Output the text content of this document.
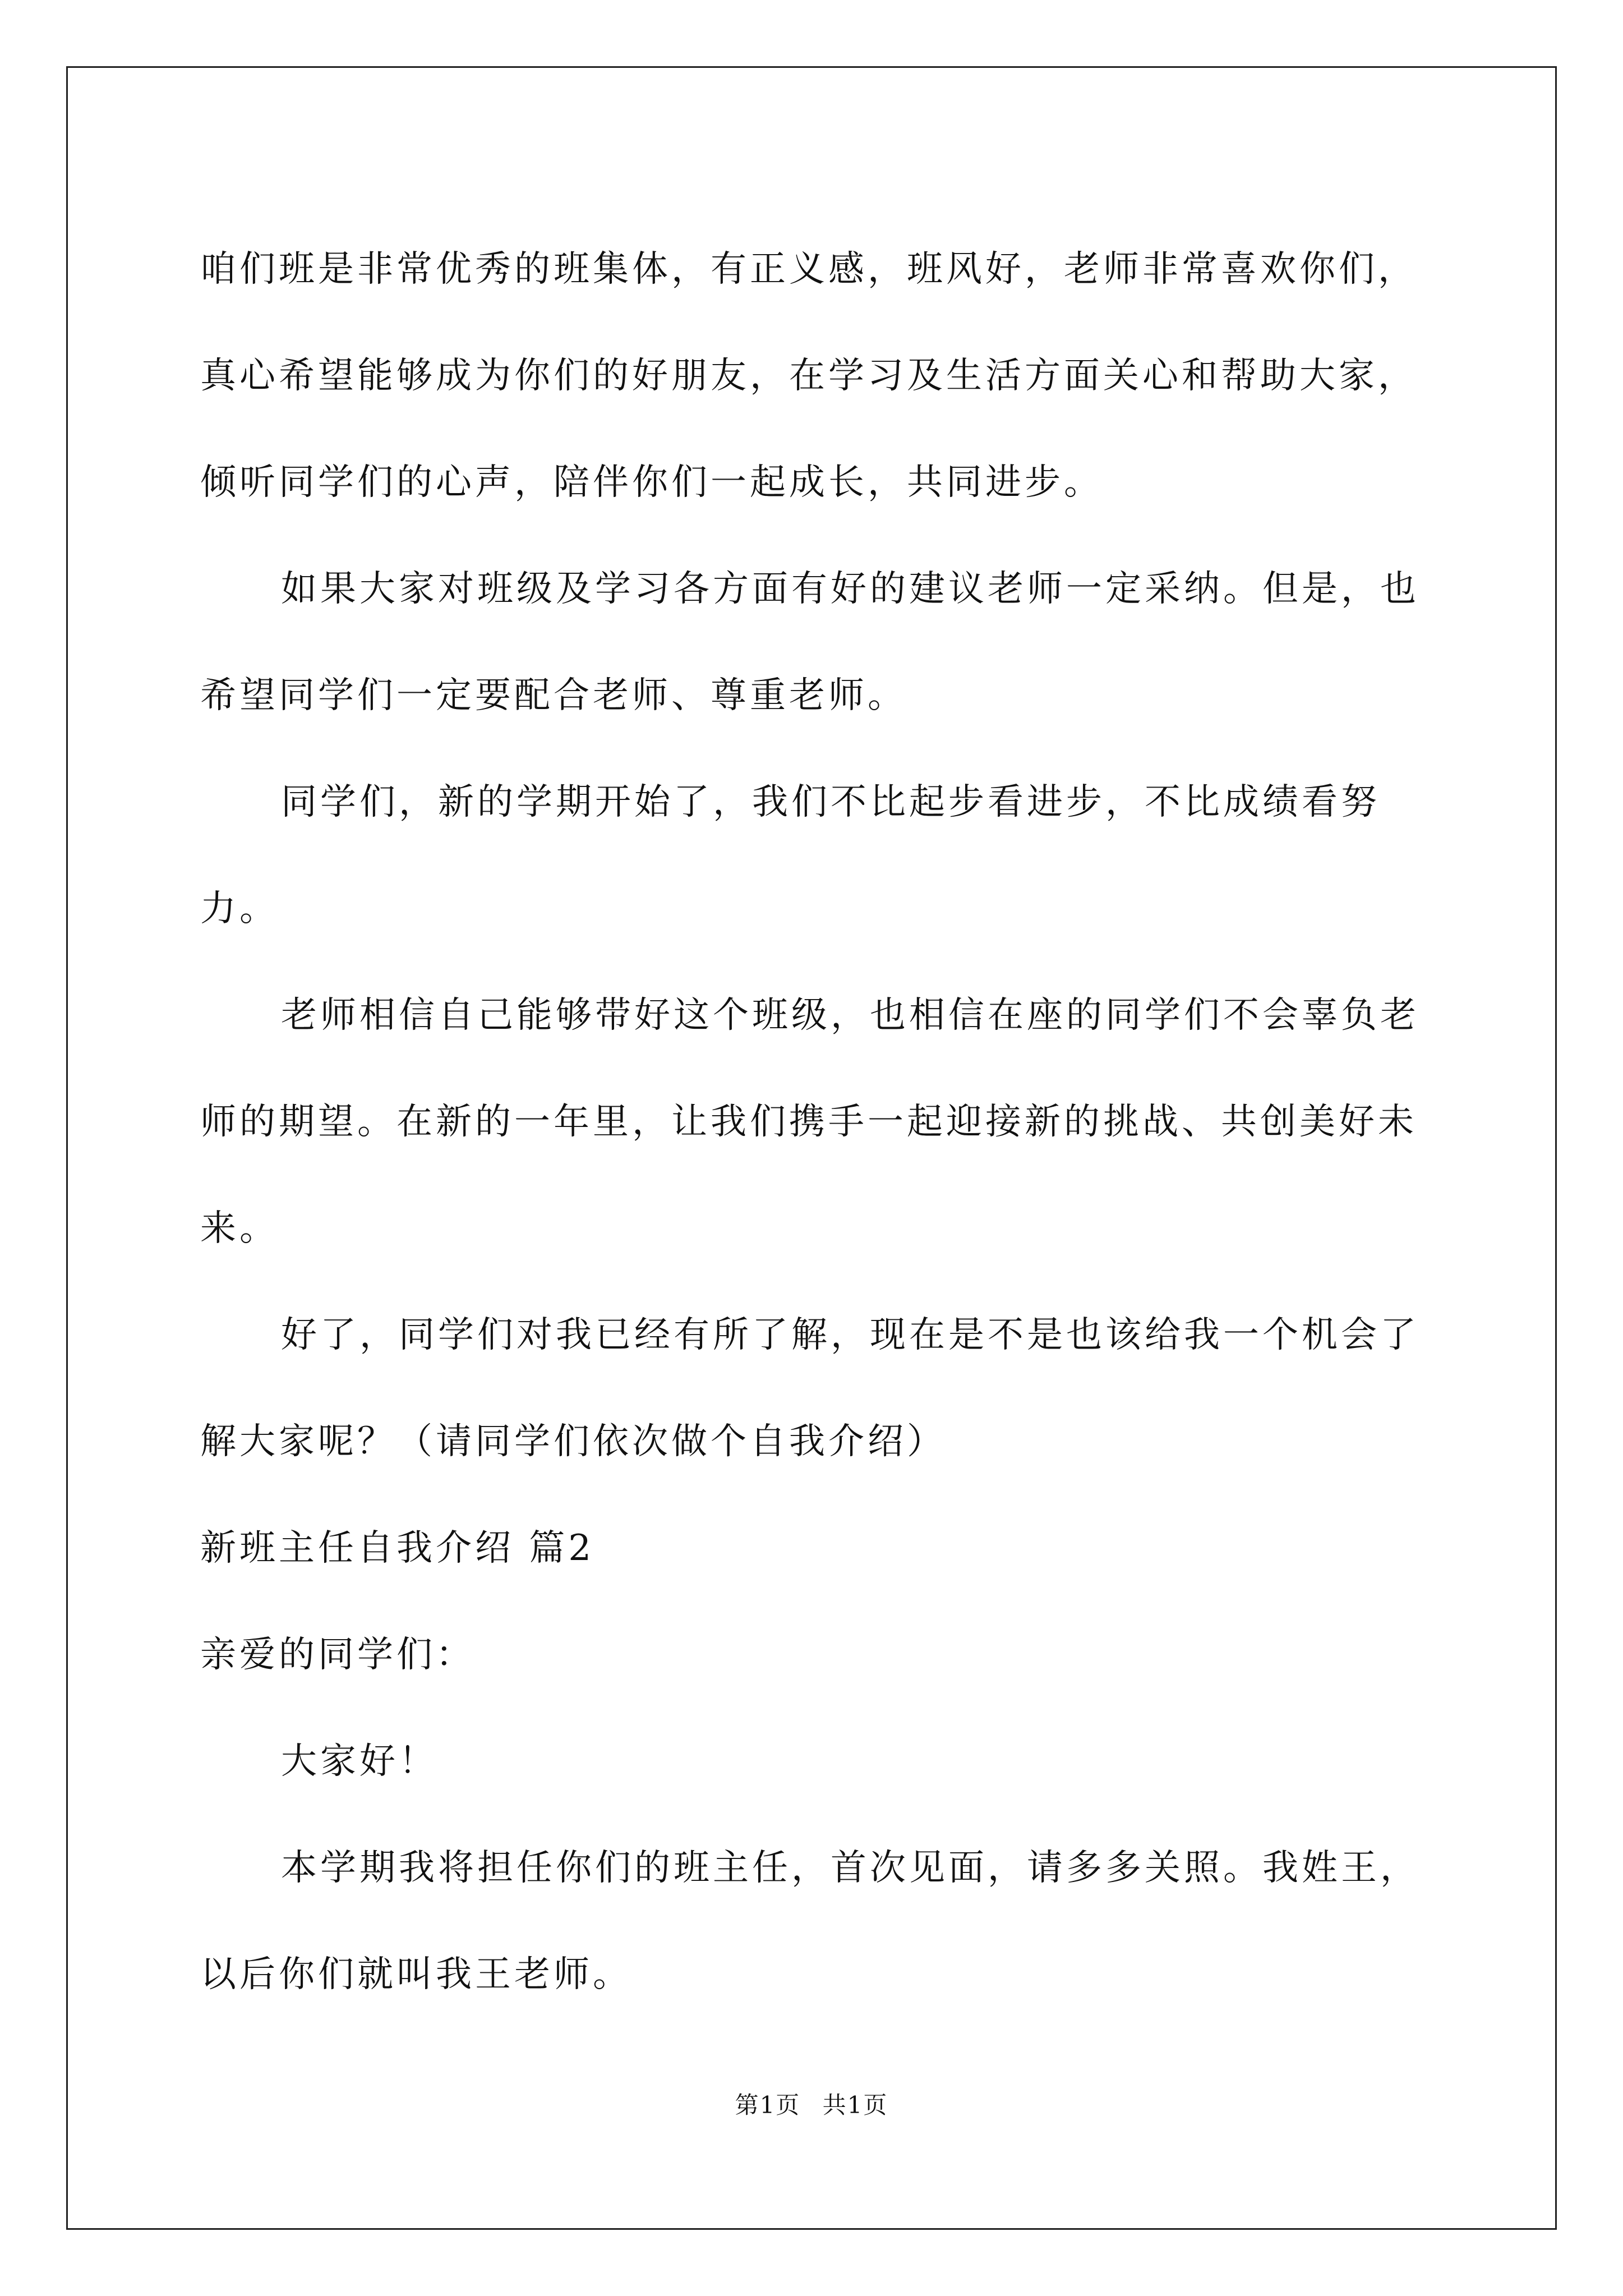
咱们班是非常优秀的班集体，有正义感，班风好，老师非常喜欢你们，真心希望能够成为你们的好朋友，在学习及生活方面关心和帮助大家，倾听同学们的心声，陪伴你们一起成长，共同进步。

如果大家对班级及学习各方面有好的建议老师一定采纳。但是，也希望同学们一定要配合老师、尊重老师。

同学们，新的学期开始了，我们不比起步看进步，不比成绩看努力。

老师相信自己能够带好这个班级，也相信在座的同学们不会辜负老师的期望。在新的一年里，让我们携手一起迎接新的挑战、共创美好未来。

好了，同学们对我已经有所了解，现在是不是也该给我一个机会了解大家呢？（请同学们依次做个自我介绍）

新班主任自我介绍 篇2

亲爱的同学们：

大家好！

本学期我将担任你们的班主任，首次见面，请多多关照。我姓王，以后你们就叫我王老师。

第1页 共1页
